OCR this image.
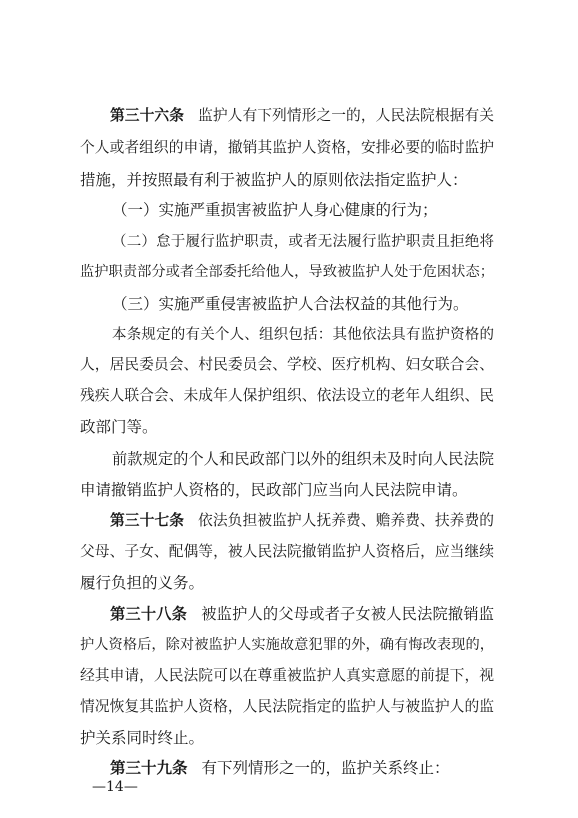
第三十六条 监护人有下列情形之一的，人民法院根据有关

个人或者组织的申请，撤销其监护人资格，安排必要的临时监护

措施，并按照最有利于被监护人的原则依法指定监护人：

（一）实施严重损害被监护人身心健康的行为；

（二）怠于履行监护职责，或者无法履行监护职责且拒绝将

监护职责部分或者全部委托给他人，导致被监护人处于危困状态；

（三）实施严重侵害被监护人合法权益的其他行为。

本条规定的有关个人、组织包括：其他依法具有监护资格的

人，居民委员会、村民委员会、学校、医疗机构、妇女联合会、

残疾人联合会、未成年人保护组织、依法设立的老年人组织、民

政部门等。

前款规定的个人和民政部门以外的组织未及时向人民法院

申请撤销监护人资格的，民政部门应当向人民法院申请。

第三十七条 依法负担被监护人抚养费、赡养费、扶养费的

父母、子女、配偶等，被人民法院撤销监护人资格后，应当继续

履行负担的义务。

第三十八条 被监护人的父母或者子女被人民法院撤销监

护人资格后，除对被监护人实施故意犯罪的外，确有悔改表现的，

经其申请，人民法院可以在尊重被监护人真实意愿的前提下，视

情况恢复其监护人资格，人民法院指定的监护人与被监护人的监

护关系同时终止。

第三十九条 有下列情形之一的，监护关系终止：
—14—
